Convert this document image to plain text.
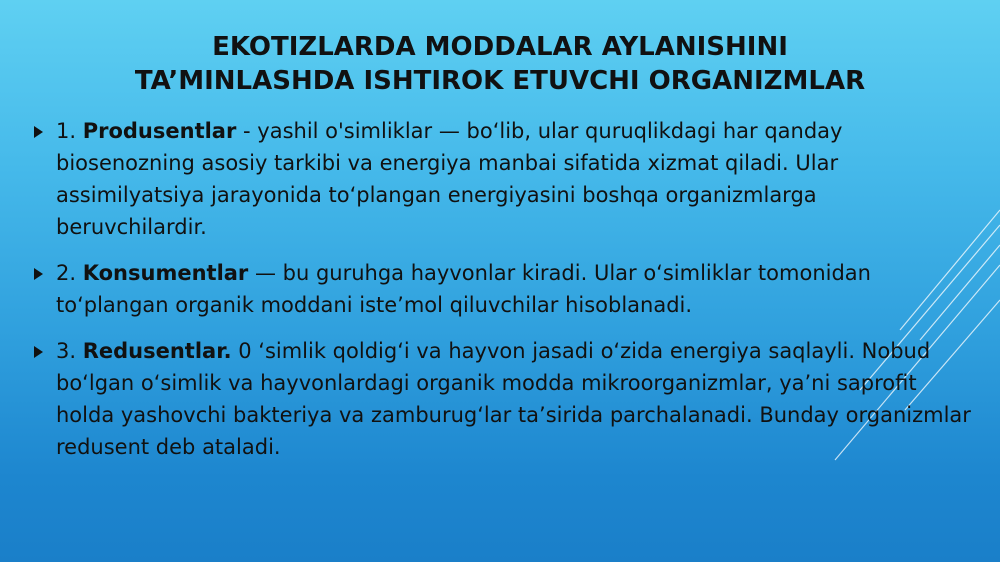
EKOTIZLARDA MODDALAR AYLANISHINI
TA’MINLASHDA ISHTIROK ETUVCHI ORGANIZMLAR
1. Produsentlar - yashil o'simliklar — bo‘lib, ular quruqlikdagi har qanday biosenozning asosiy tarkibi va energiya manbai sifatida xizmat qiladi. Ular assimilyatsiya jarayonida to‘plangan energiyasini boshqa organizmlarga beruvchilardir.
2. Konsumentlar — bu guruhga hayvonlar kiradi. Ular o‘simliklar tomonidan to‘plangan organik moddani iste’mol qiluvchilar hisoblanadi.
3. Redusentlar. 0 ‘simlik qoldig‘i va hayvon jasadi o‘zida energiya saqlayli. Nobud bo‘lgan o‘simlik va hayvonlardagi organik modda mikroorganizmlar, ya’ni saprofit holda yashovchi bakteriya va zamburug‘lar ta’sirida parchalanadi. Bunday organizmlar redusent deb ataladi.
